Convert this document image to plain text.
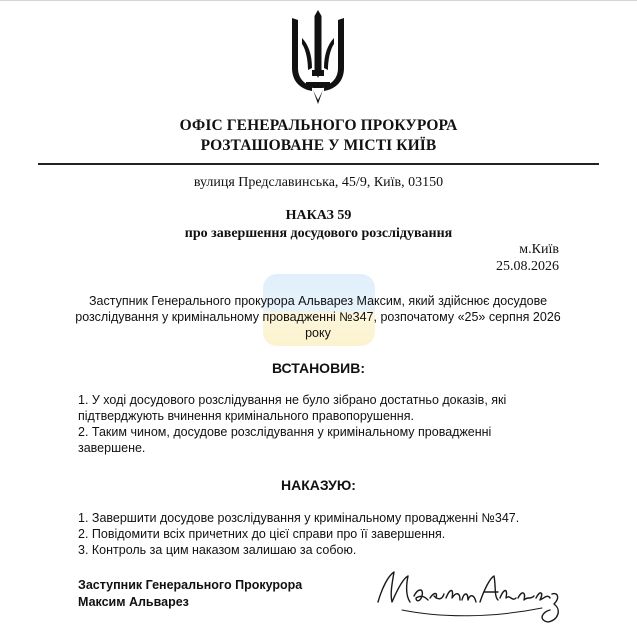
ОФІС ГЕНЕРАЛЬНОГО ПРОКУРОРА
РОЗТАШОВАНЕ У МІСТІ КИЇВ
вулиця Предславинська, 45/9, Київ, 03150
НАКАЗ 59
про завершення досудового розслідування
м.Київ
25.08.2026
Заступник Генерального прокурора Альварез Максим, який здійснює досудове розслідування у кримінальному провадженні №347, розпочатому «25» серпня 2026 року
ВСТАНОВИВ:

1. У ході досудового розслідування не було зібрано достатньо доказів, які підтверджують вчинення кримінального правопорушення.

2. Таким чином, досудове розслідування у кримінальному провадженні завершене.

НАКАЗУЮ:

1. Завершити досудове розслідування у кримінальному провадженні №347.

2. Повідомити всіх причетних до цієї справи про її завершення.

3. Контроль за цим наказом залишаю за собою.

Заступник Генерального Прокурора
Максим Альварез
